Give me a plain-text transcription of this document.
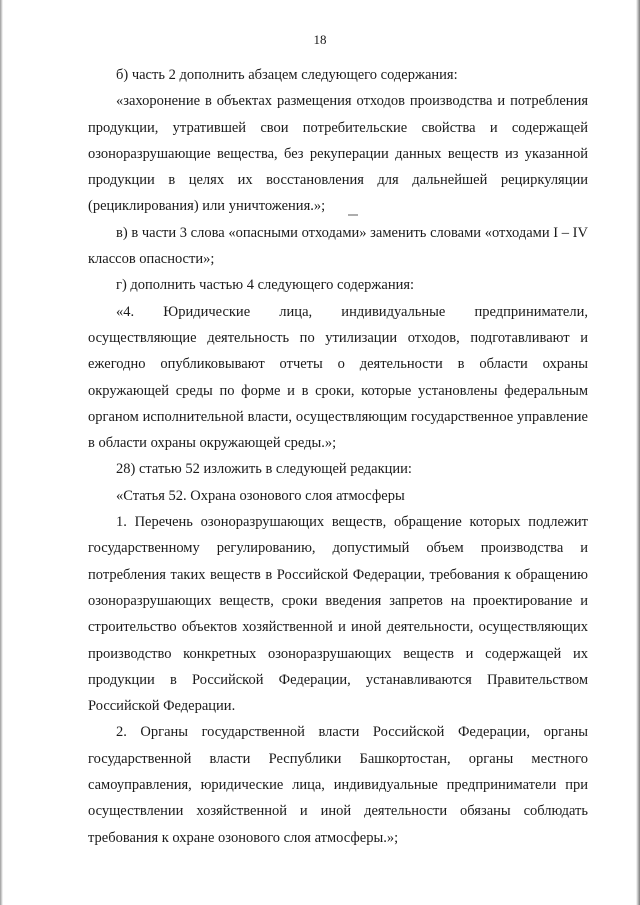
18

б) часть 2 дополнить абзацем следующего содержания:

«захоронение в объектах размещения отходов производства и потребления продукции, утратившей свои потребительские свойства и содержащей озоноразрушающие вещества, без рекуперации данных веществ из указанной продукции в целях их восстановления для дальнейшей рециркуляции (рециклирования) или уничтожения.»;

в) в части 3 слова «опасными отходами» заменить словами «отходами I – IV классов опасности»;

г) дополнить частью 4 следующего содержания:

«4. Юридические лица, индивидуальные предприниматели, осуществляющие деятельность по утилизации отходов, подготавливают и ежегодно опубликовывают отчеты о деятельности в области охраны окружающей среды по форме и в сроки, которые установлены федеральным органом исполнительной власти, осуществляющим государственное управление в области охраны окружающей среды.»;

28) статью 52 изложить в следующей редакции:

«Статья 52. Охрана озонового слоя атмосферы

1. Перечень озоноразрушающих веществ, обращение которых подлежит государственному регулированию, допустимый объем производства и потребления таких веществ в Российской Федерации, требования к обращению озоноразрушающих веществ, сроки введения запретов на проектирование и строительство объектов хозяйственной и иной деятельности, осуществляющих производство конкретных озоноразрушающих веществ и содержащей их продукции в Российской Федерации, устанавливаются Правительством Российской Федерации.

2. Органы государственной власти Российской Федерации, органы государственной власти Республики Башкортостан, органы местного самоуправления, юридические лица, индивидуальные предприниматели при осуществлении хозяйственной и иной деятельности обязаны соблюдать требования к охране озонового слоя атмосферы.»;
